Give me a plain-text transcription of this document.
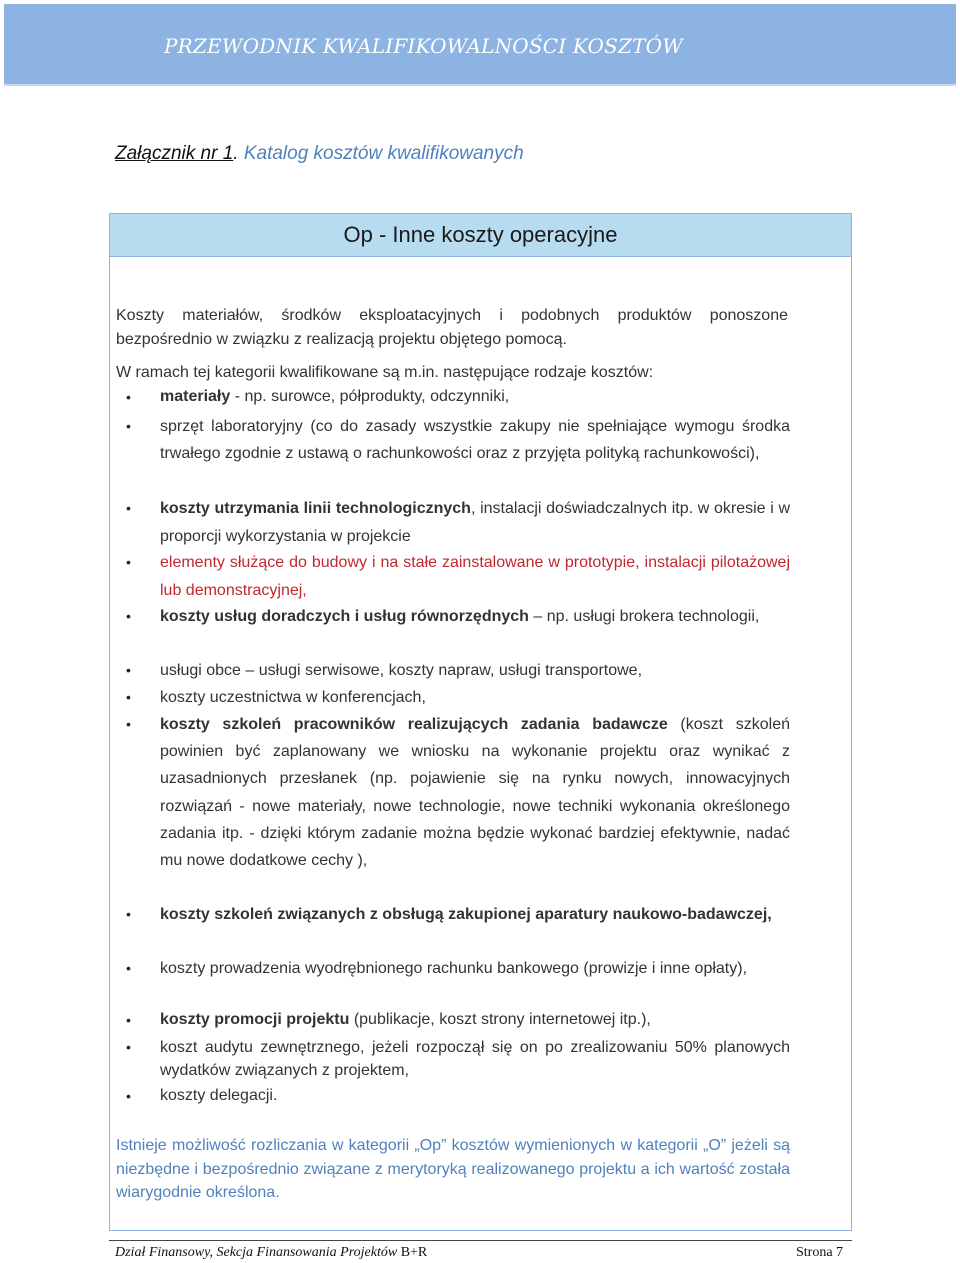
PRZEWODNIK KWALIFIKOWALNOŚCI KOSZTÓW

Załącznik nr 1. Katalog kosztów kwalifikowanych

Op - Inne koszty operacyjne

Koszty materiałów, środków eksploatacyjnych i podobnych produktów ponoszone bezpośrednio w związku z realizacją projektu objętego pomocą.

W ramach tej kategorii kwalifikowane są m.in. następujące rodzaje kosztów:

• materiały - np. surowce, półprodukty, odczynniki,
• sprzęt laboratoryjny (co do zasady wszystkie zakupy nie spełniające wymogu środka trwałego zgodnie z ustawą o rachunkowości oraz z przyjęta polityką rachunkowości),
• koszty utrzymania linii technologicznych, instalacji doświadczalnych itp. w okresie i w proporcji wykorzystania w projekcie
• elementy służące do budowy i na stałe zainstalowane w prototypie, instalacji pilotażowej lub demonstracyjnej,
• koszty usług doradczych i usług równorzędnych – np. usługi brokera technologii,
• usługi obce – usługi serwisowe, koszty napraw, usługi transportowe,
• koszty uczestnictwa w konferencjach,
• koszty szkoleń pracowników realizujących zadania badawcze (koszt szkoleń powinien być zaplanowany we wniosku na wykonanie projektu oraz wynikać z uzasadnionych przesłanek (np. pojawienie się na rynku nowych, innowacyjnych rozwiązań - nowe materiały, nowe technologie, nowe techniki wykonania określonego zadania itp. - dzięki którym zadanie można będzie wykonać bardziej efektywnie, nadać mu nowe dodatkowe cechy ),
• koszty szkoleń związanych z obsługą zakupionej aparatury naukowo-badawczej,
• koszty prowadzenia wyodrębnionego rachunku bankowego (prowizje i inne opłaty),
• koszty promocji projektu (publikacje, koszt strony internetowej itp.),
• koszt audytu zewnętrznego, jeżeli rozpoczął się on po zrealizowaniu 50% planowych wydatków związanych z projektem,
• koszty delegacji.

Istnieje możliwość rozliczania w kategorii „Op” kosztów wymienionych w kategorii „O” jeżeli są niezbędne i bezpośrednio związane z merytoryką realizowanego projektu a ich wartość została wiarygodnie określona.

Dział Finansowy, Sekcja Finansowania Projektów B+R	Strona 7
